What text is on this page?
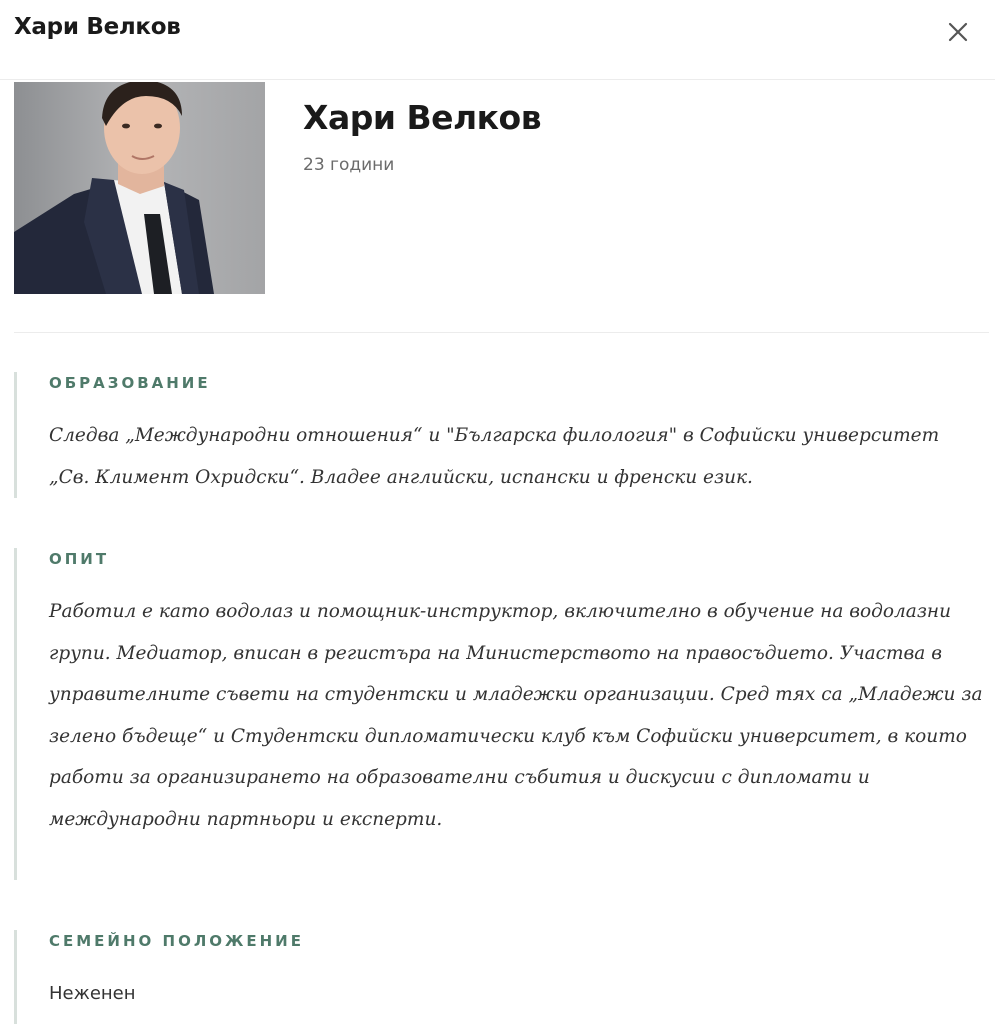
Хари Велков
Хари Велков
23 години
ОБРАЗОВАНИЕ
Следва „Международни отношения“ и "Българска филология" в Софийски университет „Св. Климент Охридски“. Владее английски, испански и френски език.
ОПИТ
Работил е като водолаз и помощник-инструктор, включително в обучение на водолазни групи. Медиатор, вписан в регистъра на Министерството на правосъдието. Участва в управителните съвети на студентски и младежки организации. Сред тях са „Младежи за зелено бъдеще“ и Студентски дипломатически клуб към Софийски университет, в които работи за организирането на образователни събития и дискусии с дипломати и международни партньори и експерти.
СЕМЕЙНО ПОЛОЖЕНИЕ
Неженен
